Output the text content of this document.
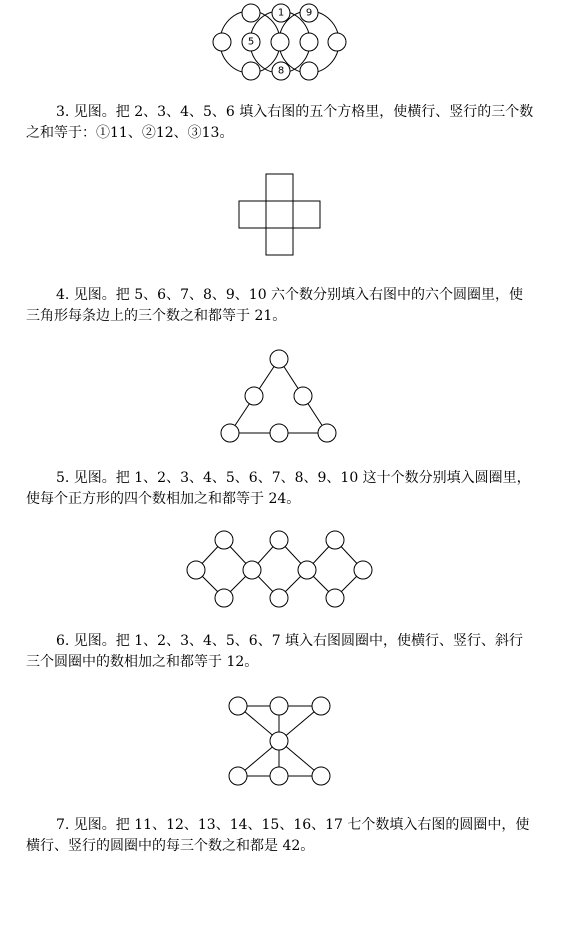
1 9
5
8

3. 见图。把 2、3、4、5、6 填入右图的五个方格里，使横行、竖行的三个数之和等于：①11、②12、③13。

4. 见图。把 5、6、7、8、9、10 六个数分别填入右图中的六个圆圈里，使三角形每条边上的三个数之和都等于 21。

5. 见图。把 1、2、3、4、5、6、7、8、9、10 这十个数分别填入圆圈里，使每个正方形的四个数相加之和都等于 24。

6. 见图。把 1、2、3、4、5、6、7 填入右图圆圈中，使横行、竖行、斜行三个圆圈中的数相加之和都等于 12。

7. 见图。把 11、12、13、14、15、16、17 七个数填入右图的圆圈中，使横行、竖行的圆圈中的每三个数之和都是 42。
